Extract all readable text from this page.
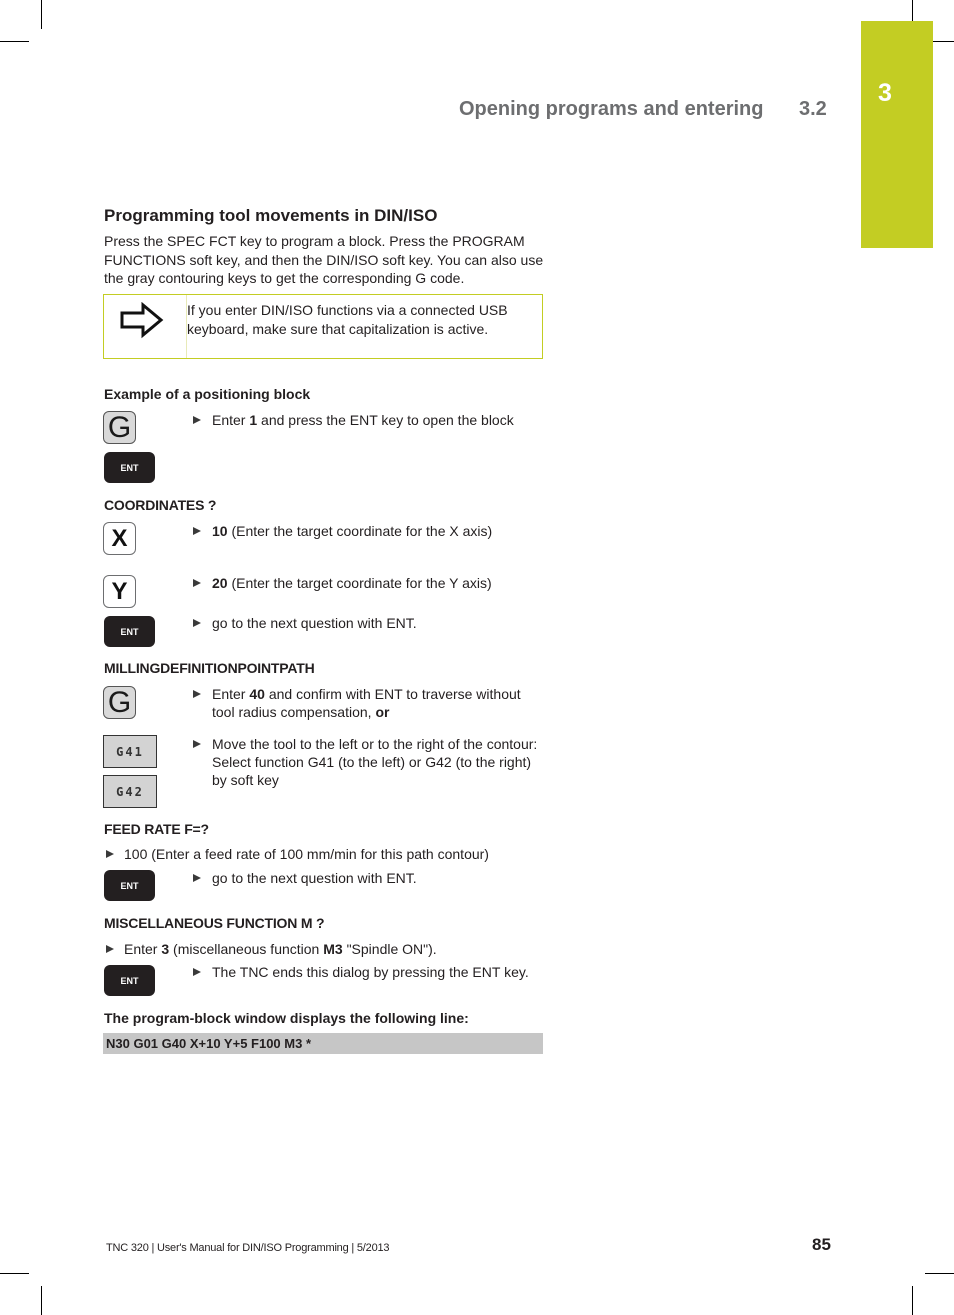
3
Opening programs and entering 3.2
Programming tool movements in DIN/ISO
Press the SPEC FCT key to program a block. Press the PROGRAM FUNCTIONS soft key, and then the DIN/ISO soft key. You can also use the gray contouring keys to get the corresponding G code.
If you enter DIN/ISO functions via a connected USB keyboard, make sure that capitalization is active.
Example of a positioning block
G	Enter 1 and press the ENT key to open the block
ENT
COORDINATES ?
X	10 (Enter the target coordinate for the X axis)
Y	20 (Enter the target coordinate for the Y axis)
ENT
go to the next question with ENT.
MILLINGDEFINITIONPOINTPATH
G	Enter 40 and confirm with ENT to traverse without tool radius compensation, or
G41	Move the tool to the left or to the right of the contour: Select function G41 (to the left) or G42 (to the right) by soft key
G42
FEED RATE F=?
100 (Enter a feed rate of 100 mm/min for this path contour)
ENT	go to the next question with ENT.
MISCELLANEOUS FUNCTION M ?
Enter 3 (miscellaneous function M3 "Spindle ON").
ENT
The TNC ends this dialog by pressing the ENT key.
The program-block window displays the following line:
N30 G01 G40 X+10 Y+5 F100 M3 *
TNC 320 | User's Manual for DIN/ISO Programming | 5/2013	85
